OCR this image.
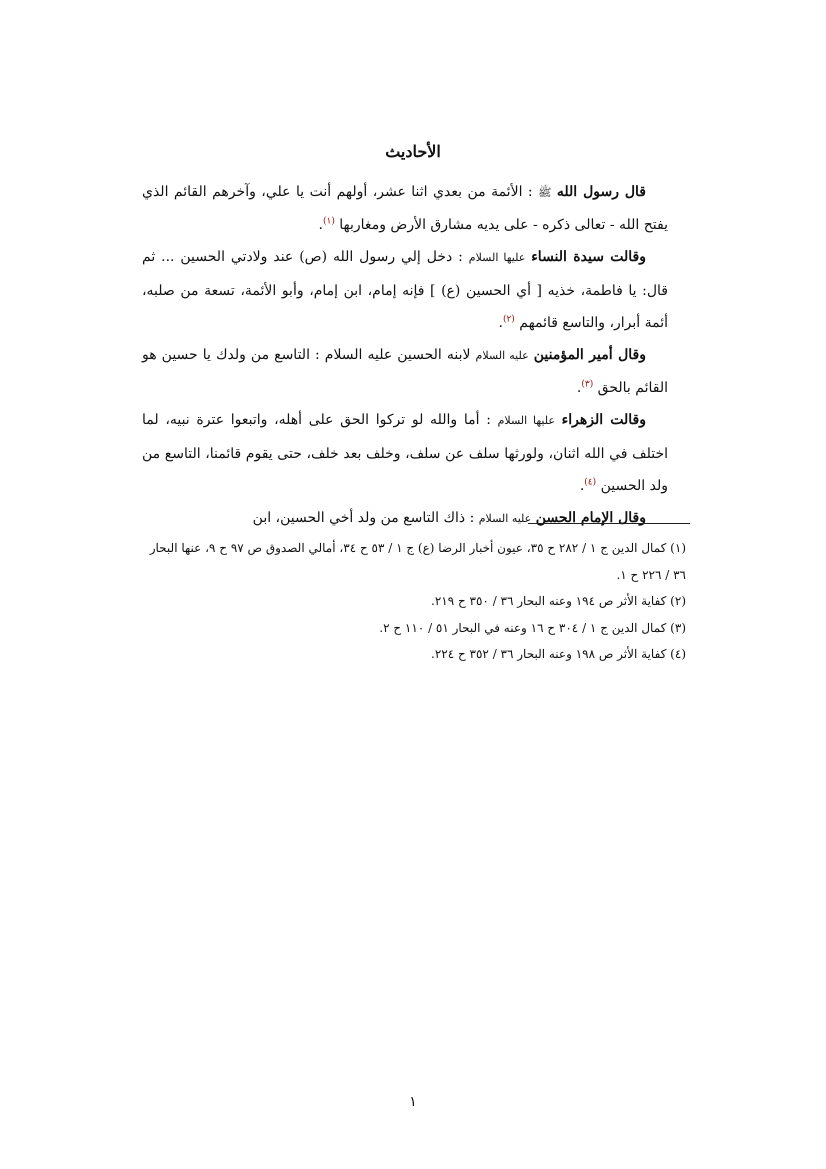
الأحاديث

قال رسول الله ﷺ : الأئمة من بعدي اثنا عشر، أولهم أنت يا علي، وآخرهم القائم الذي يفتح الله - تعالى ذكره - على يديه مشارق الأرض ومغاربها $^{(١)}$.

وقالت سيدة النساء عليها السلام : دخل إلي رسول الله (ص) عند ولادتي الحسين ... ثم قال: يا فاطمة، خذيه [ أي الحسين (ع) ] فإنه إمام، ابن إمام، وأبو الأئمة، تسعة من صلبه، أئمة أبرار، والتاسع قائمهم $^{(٢)}$.

وقال أمير المؤمنين عليه السلام لابنه الحسين عليه السلام : التاسع من ولدك يا حسين هو القائم بالحق $^{(٣)}$.

وقالت الزهراء عليها السلام : أما والله لو تركوا الحق على أهله، واتبعوا عترة نبيه، لما اختلف في الله اثنان، ولورثها سلف عن سلف، وخلف بعد خلف، حتى يقوم قائمنا، التاسع من ولد الحسين $^{(٤)}$.

وقال الإمام الحسن عليه السلام : ذاك التاسع من ولد أخي الحسين، ابن

(١) كمال الدين ج ١ / ٢٨٢ ح ٣٥، عيون أخبار الرضا (ع) ج ١ / ٥٣ ح ٣٤، أمالي الصدوق ص ٩٧ ح ٩، عنها البحار ٣٦ / ٢٢٦ ح ١.

(٢) كفاية الأثر ص ١٩٤ وعنه البحار ٣٦ / ٣٥٠ ح ٢١٩.

(٣) كمال الدين ج ١ / ٣٠٤ ح ١٦ وعنه في البحار ٥١ / ١١٠ ح ٢.

(٤) كفاية الأثر ص ١٩٨ وعنه البحار ٣٦ / ٣٥٢ ح ٢٢٤.

١
